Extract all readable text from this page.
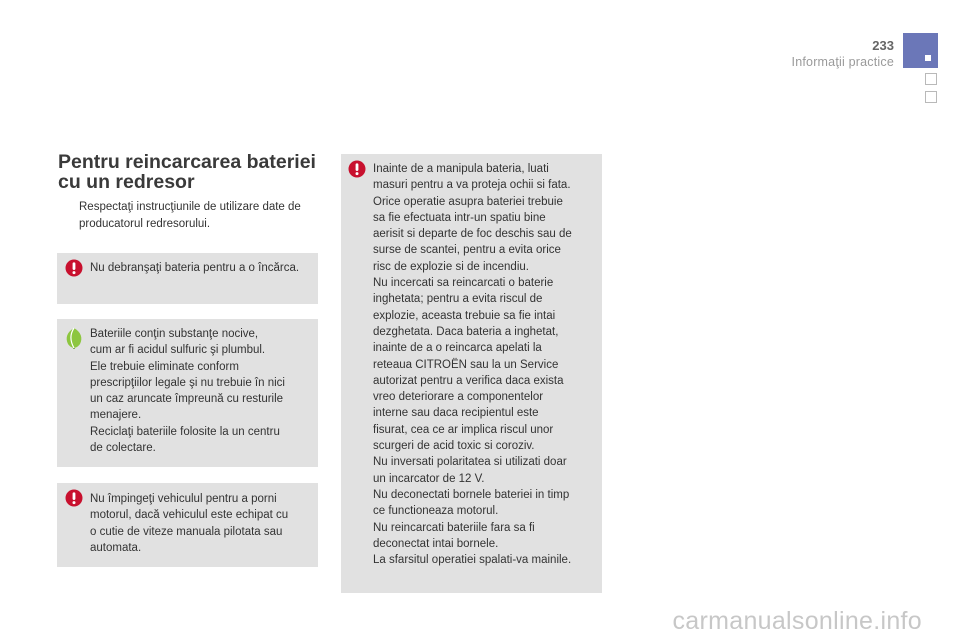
233
Informaţii practice
Pentru reincarcarea bateriei cu un redresor
Respectaţi instrucţiunile de utilizare date de producatorul redresorului.
Nu debranşaţi bateria pentru a o încărca.
Bateriile conţin substanţe nocive,
cum ar fi acidul sulfuric şi plumbul.
Ele trebuie eliminate conform
prescripţiilor legale şi nu trebuie în nici
un caz aruncate împreună cu resturile
menajere.
Reciclaţi bateriile folosite la un centru
de colectare.
Nu împingeţi vehiculul pentru a porni
motorul, dacă vehiculul este echipat cu
o cutie de viteze manuala pilotata sau
automata.
Inainte de a manipula bateria, luati
masuri pentru a va proteja ochii si fata.
Orice operatie asupra bateriei trebuie
sa fie efectuata intr-un spatiu bine
aerisit si departe de foc deschis sau de
surse de scantei, pentru a evita orice
risc de explozie si de incendiu.
Nu incercati sa reincarcati o baterie
inghetata; pentru a evita riscul de
explozie, aceasta trebuie sa fie intai
dezghetata. Daca bateria a inghetat,
inainte de a o reincarca apelati la
reteaua CITROËN sau la un Service
autorizat pentru a verifica daca exista
vreo deteriorare a componentelor
interne sau daca recipientul este
fisurat, cea ce ar implica riscul unor
scurgeri de acid toxic si coroziv.
Nu inversati polaritatea si utilizati doar
un incarcator de 12 V.
Nu deconectati bornele bateriei in timp
ce functioneaza motorul.
Nu reincarcati bateriile fara sa fi
deconectat intai bornele.
La sfarsitul operatiei spalati-va mainile.
carmanualsonline.info
